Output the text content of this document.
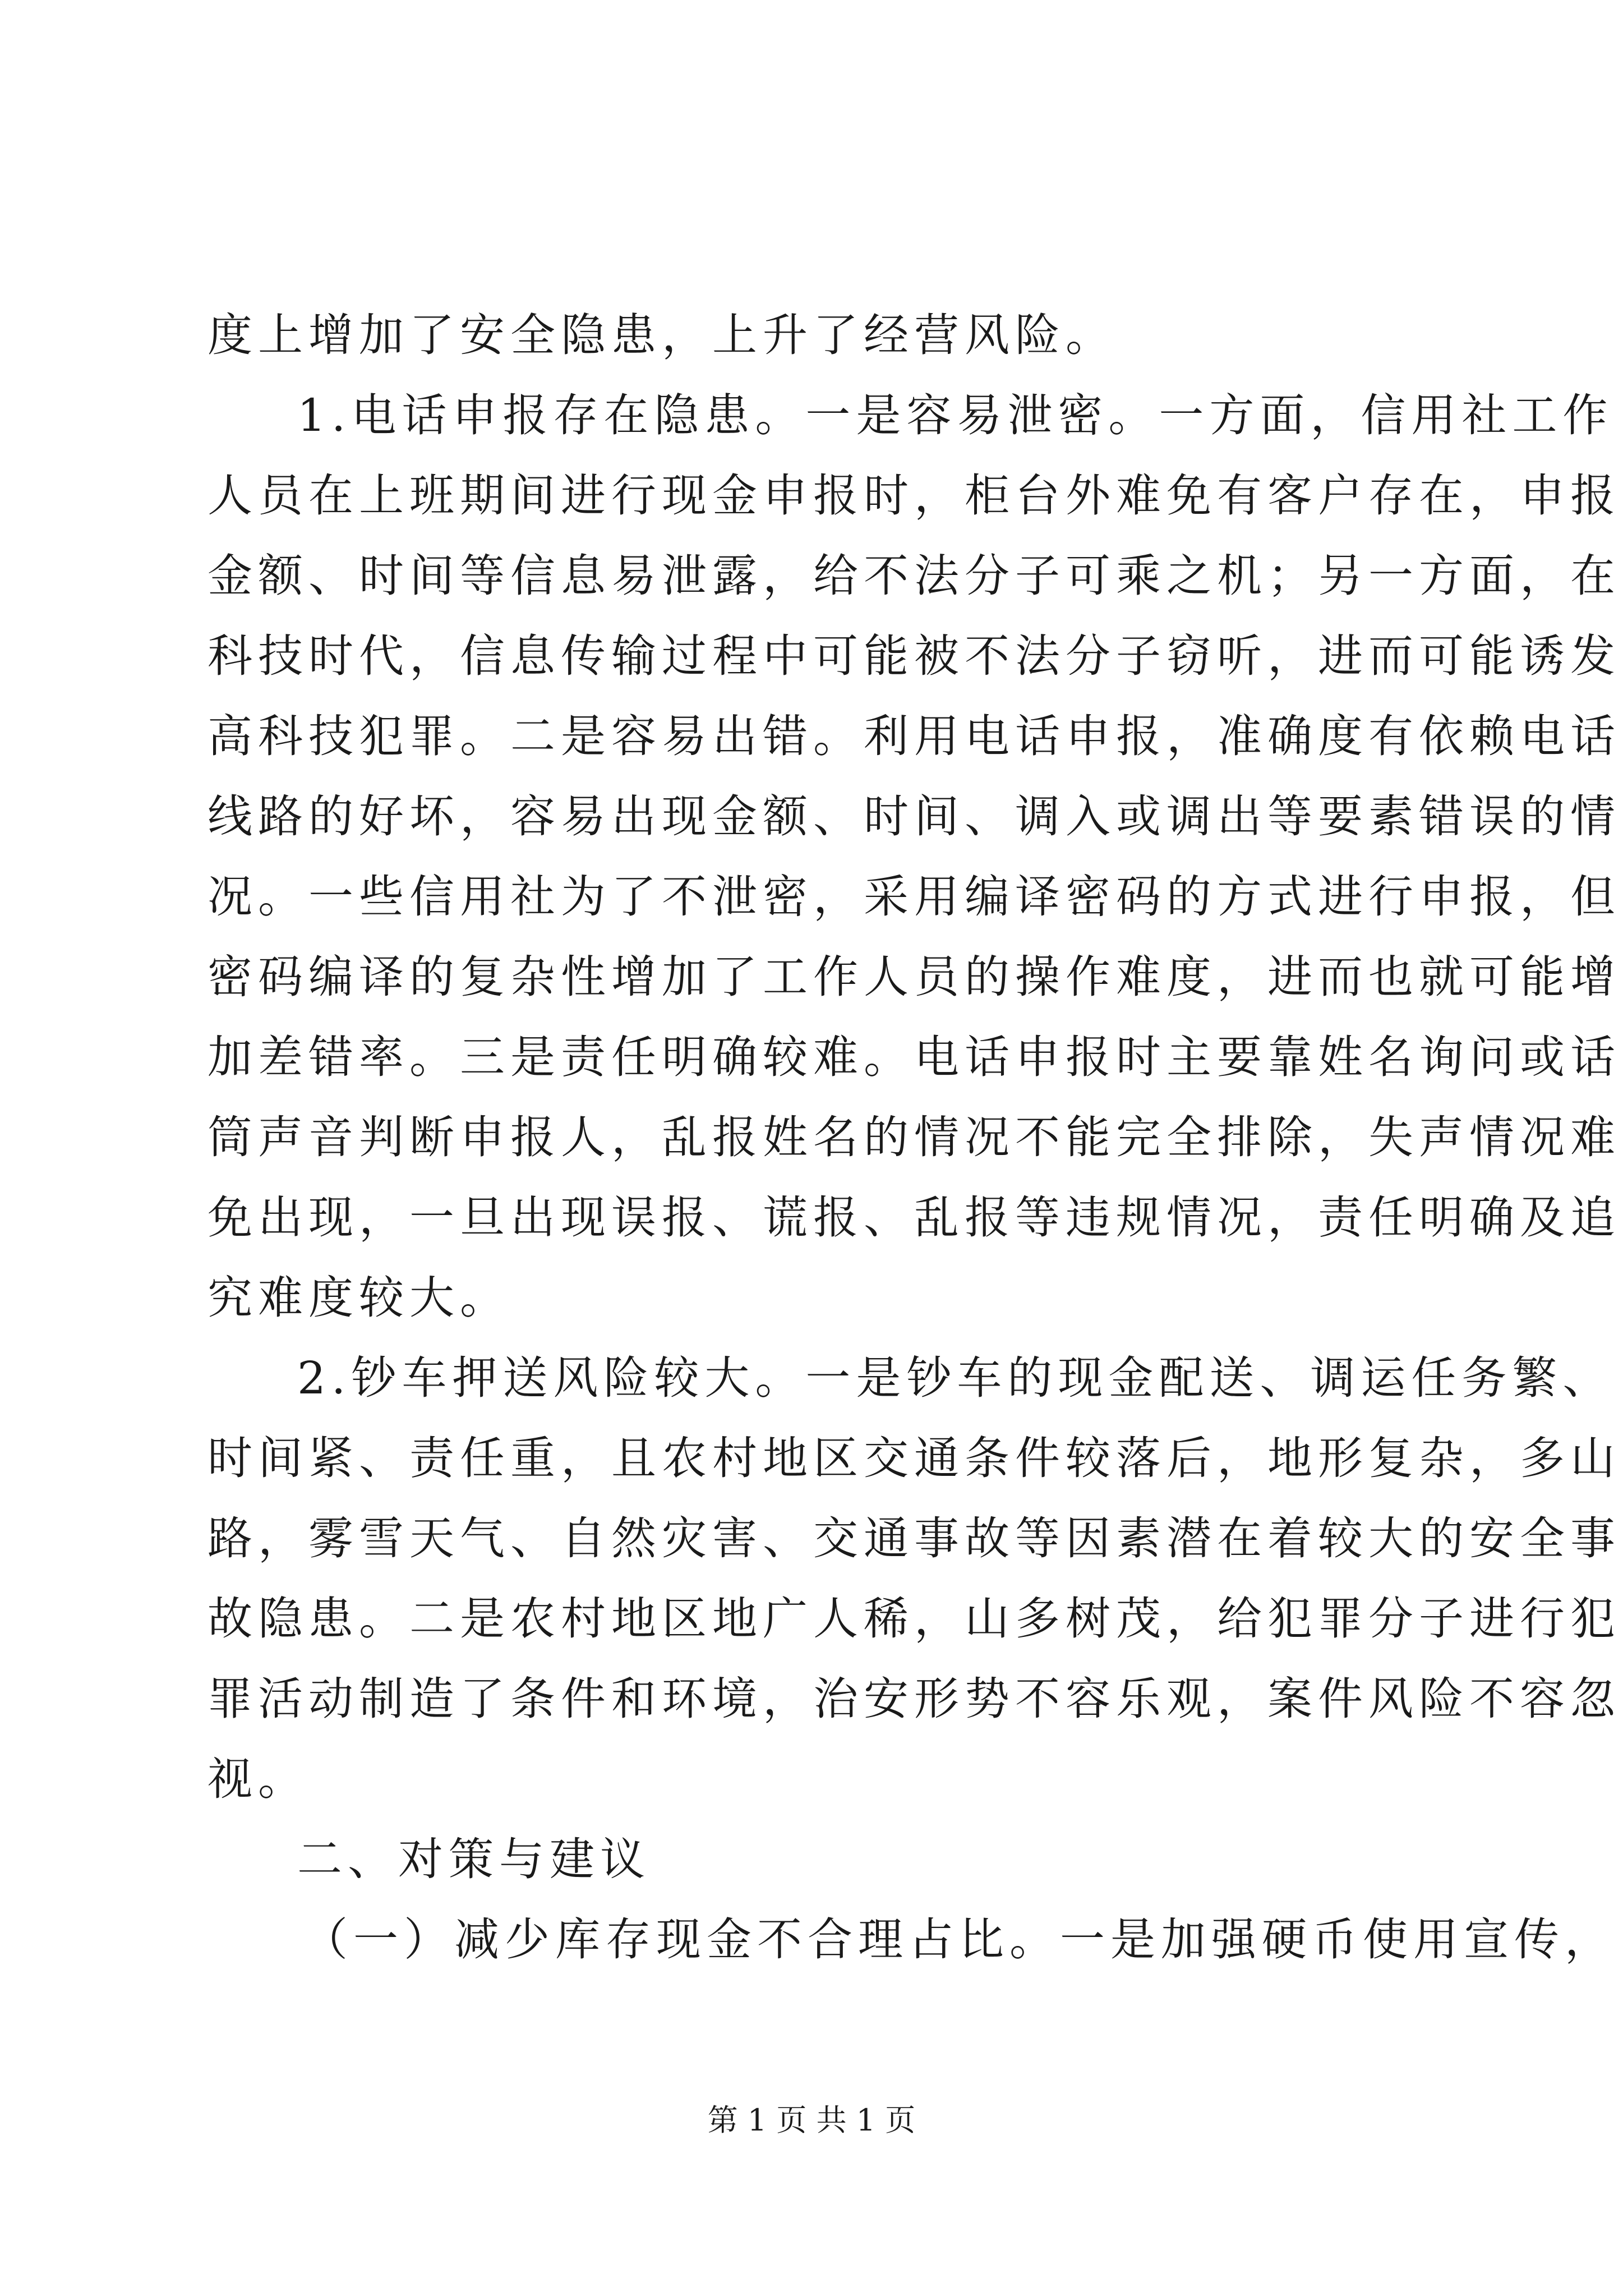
度上增加了安全隐患，上升了经营风险。
1.电话申报存在隐患。一是容易泄密。一方面，信用社工作
人员在上班期间进行现金申报时，柜台外难免有客户存在，申报
金额、时间等信息易泄露，给不法分子可乘之机；另一方面，在
科技时代，信息传输过程中可能被不法分子窃听，进而可能诱发
高科技犯罪。二是容易出错。利用电话申报，准确度有依赖电话
线路的好坏，容易出现金额、时间、调入或调出等要素错误的情
况。一些信用社为了不泄密，采用编译密码的方式进行申报，但
密码编译的复杂性增加了工作人员的操作难度，进而也就可能增
加差错率。三是责任明确较难。电话申报时主要靠姓名询问或话
筒声音判断申报人，乱报姓名的情况不能完全排除，失声情况难
免出现，一旦出现误报、谎报、乱报等违规情况，责任明确及追
究难度较大。
2.钞车押送风险较大。一是钞车的现金配送、调运任务繁、
时间紧、责任重，且农村地区交通条件较落后，地形复杂，多山
路，雾雪天气、自然灾害、交通事故等因素潜在着较大的安全事
故隐患。二是农村地区地广人稀，山多树茂，给犯罪分子进行犯
罪活动制造了条件和环境，治安形势不容乐观，案件风险不容忽
视。
二、对策与建议
（一）减少库存现金不合理占比。一是加强硬币使用宣传，
第 1 页 共 1 页
